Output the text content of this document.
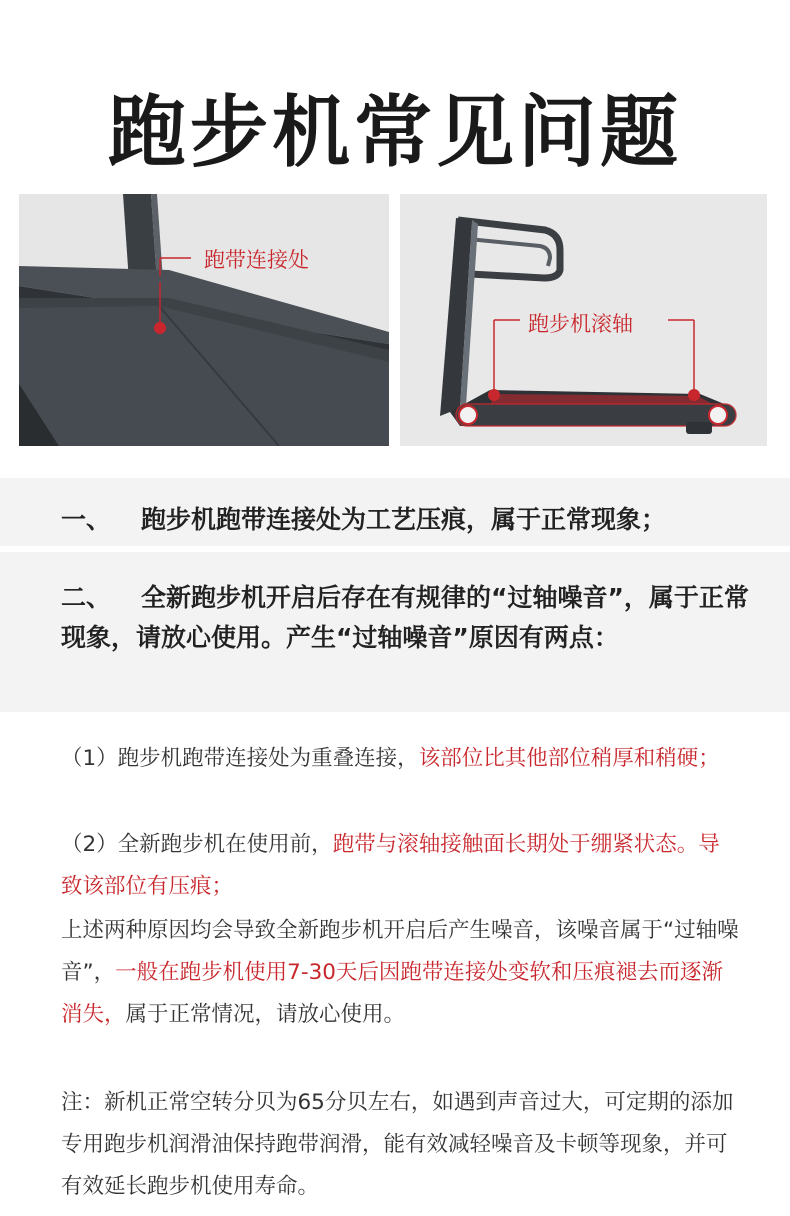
跑步机常见问题
跑带连接处
跑步机滚轴
一、 跑步机跑带连接处为工艺压痕，属于正常现象；
二、 全新跑步机开启后存在有规律的“过轴噪音”，属于正常现象，请放心使用。产生“过轴噪音”原因有两点：
（1）跑步机跑带连接处为重叠连接，该部位比其他部位稍厚和稍硬；
（2）全新跑步机在使用前，跑带与滚轴接触面长期处于绷紧状态。导致该部位有压痕；
上述两种原因均会导致全新跑步机开启后产生噪音，该噪音属于“过轴噪音”，一般在跑步机使用7-30天后因跑带连接处变软和压痕褪去而逐渐消失，属于正常情况，请放心使用。
注：新机正常空转分贝为65分贝左右，如遇到声音过大，可定期的添加专用跑步机润滑油保持跑带润滑，能有效减轻噪音及卡顿等现象，并可有效延长跑步机使用寿命。
